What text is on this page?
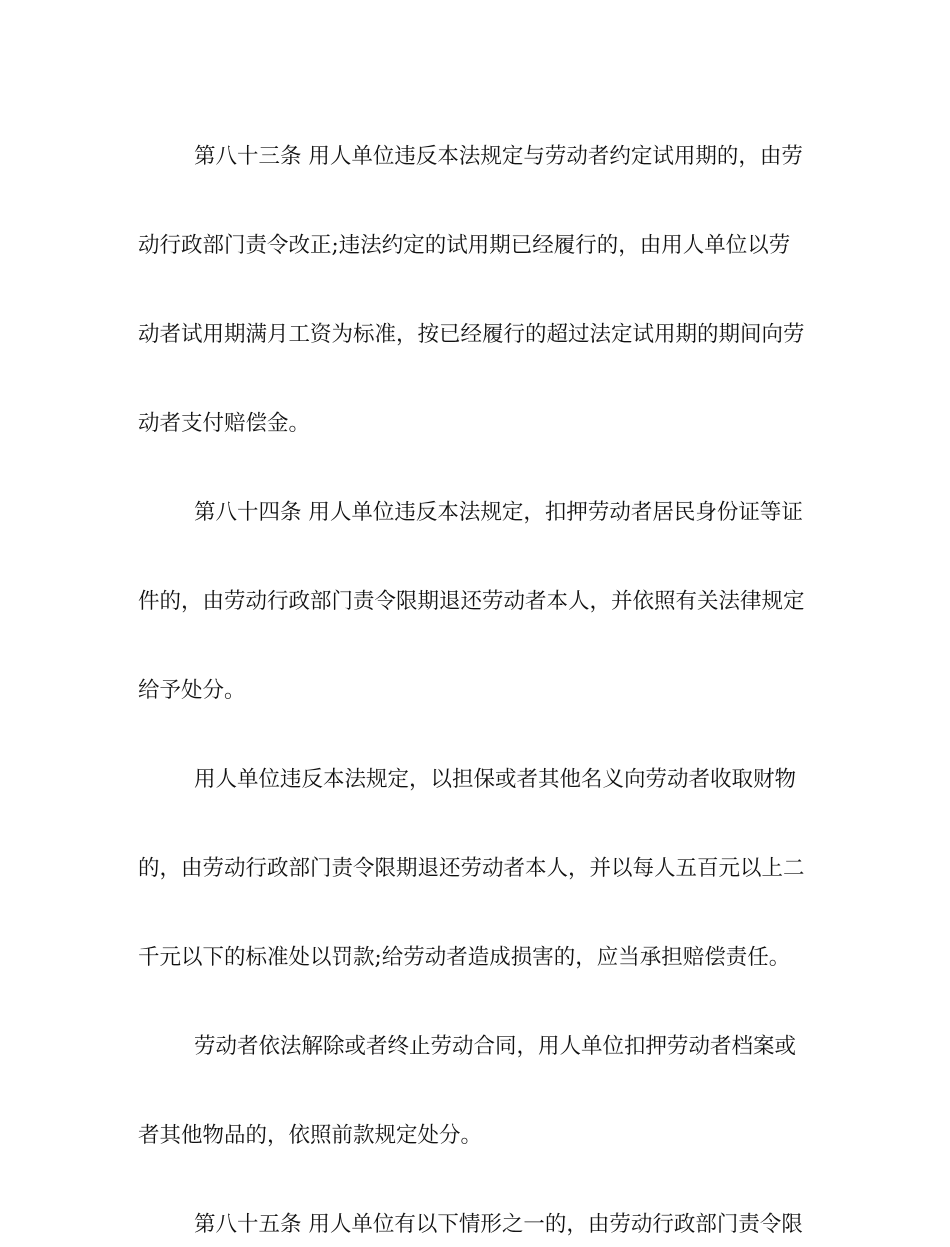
第八十三条 用人单位违反本法规定与劳动者约定试用期的，由劳
动行政部门责令改正;违法约定的试用期已经履行的，由用人单位以劳
动者试用期满月工资为标准，按已经履行的超过法定试用期的期间向劳
动者支付赔偿金。
第八十四条 用人单位违反本法规定，扣押劳动者居民身份证等证
件的，由劳动行政部门责令限期退还劳动者本人，并依照有关法律规定
给予处分。
用人单位违反本法规定，以担保或者其他名义向劳动者收取财物
的，由劳动行政部门责令限期退还劳动者本人，并以每人五百元以上二
千元以下的标准处以罚款;给劳动者造成损害的，应当承担赔偿责任。
劳动者依法解除或者终止劳动合同，用人单位扣押劳动者档案或
者其他物品的，依照前款规定处分。
第八十五条 用人单位有以下情形之一的，由劳动行政部门责令限
